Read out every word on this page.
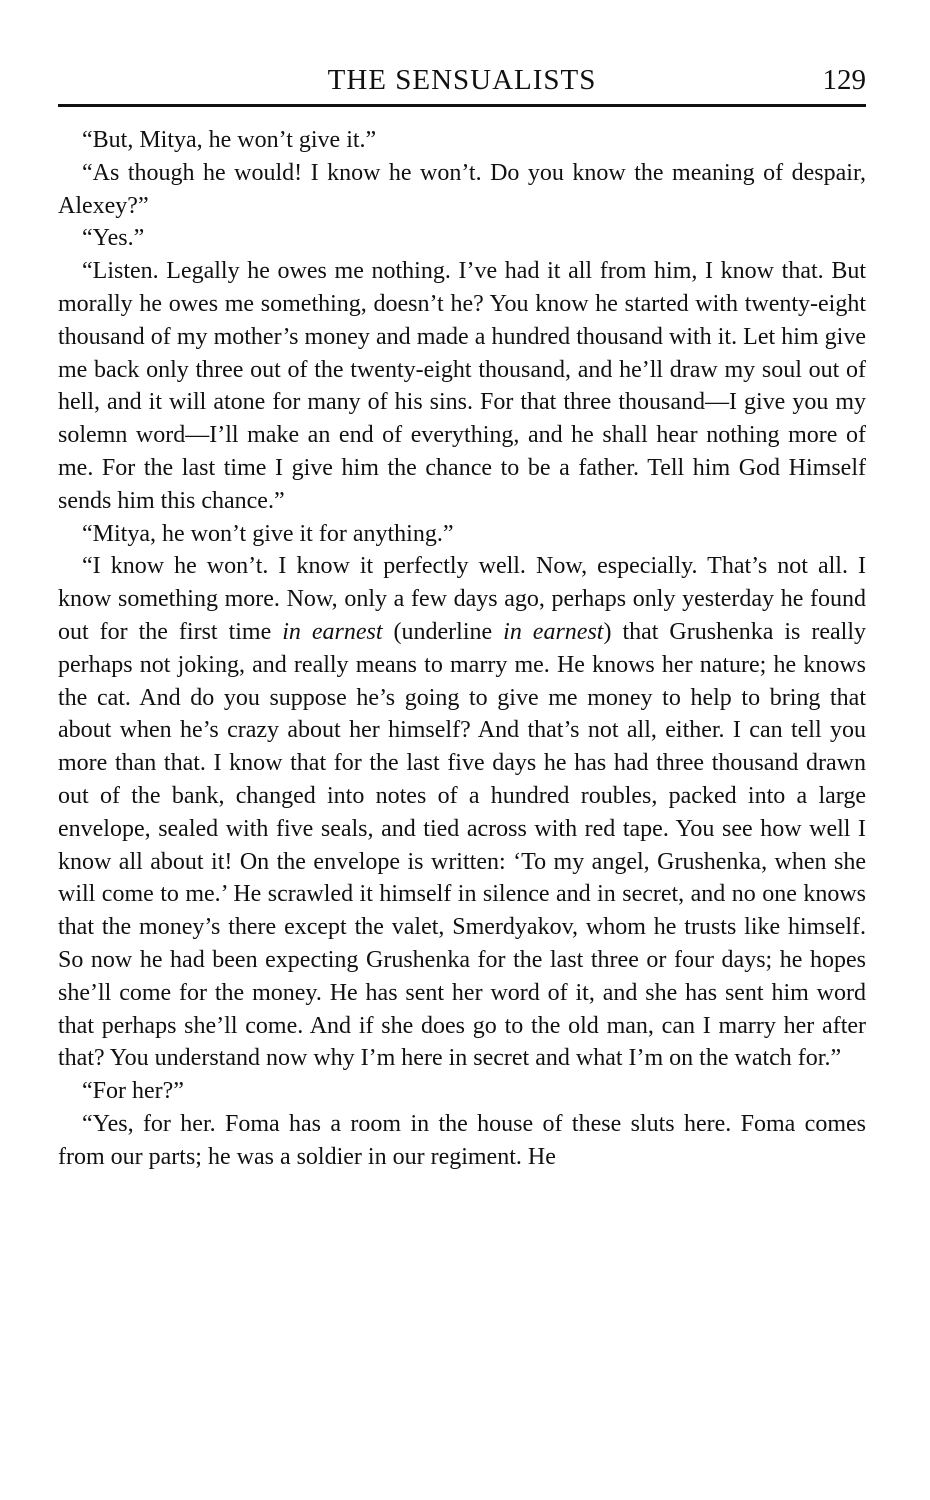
THE SENSUALISTS	129

“But, Mitya, he won’t give it.”

“As though he would! I know he won’t. Do you know the meaning of despair, Alexey?”

“Yes.”

“Listen. Legally he owes me nothing. I’ve had it all from him, I know that. But morally he owes me something, doesn’t he? You know he started with twenty-eight thousand of my mother’s money and made a hundred thousand with it. Let him give me back only three out of the twenty-eight thousand, and he’ll draw my soul out of hell, and it will atone for many of his sins. For that three thousand—I give you my solemn word—I’ll make an end of everything, and he shall hear nothing more of me. For the last time I give him the chance to be a father. Tell him God Himself sends him this chance.”

“Mitya, he won’t give it for anything.”

“I know he won’t. I know it perfectly well. Now, especially. That’s not all. I know something more. Now, only a few days ago, perhaps only yesterday he found out for the first time in earnest (underline in earnest) that Grushenka is really perhaps not joking, and really means to marry me. He knows her nature; he knows the cat. And do you suppose he’s going to give me money to help to bring that about when he’s crazy about her himself? And that’s not all, either. I can tell you more than that. I know that for the last five days he has had three thousand drawn out of the bank, changed into notes of a hundred roubles, packed into a large envelope, sealed with five seals, and tied across with red tape. You see how well I know all about it! On the envelope is written: ‘To my angel, Grushenka, when she will come to me.’ He scrawled it himself in silence and in secret, and no one knows that the money’s there except the valet, Smerdyakov, whom he trusts like himself. So now he had been expecting Grushenka for the last three or four days; he hopes she’ll come for the money. He has sent her word of it, and she has sent him word that perhaps she’ll come. And if she does go to the old man, can I marry her after that? You understand now why I’m here in secret and what I’m on the watch for.”

“For her?”

“Yes, for her. Foma has a room in the house of these sluts here. Foma comes from our parts; he was a soldier in our regiment. He
